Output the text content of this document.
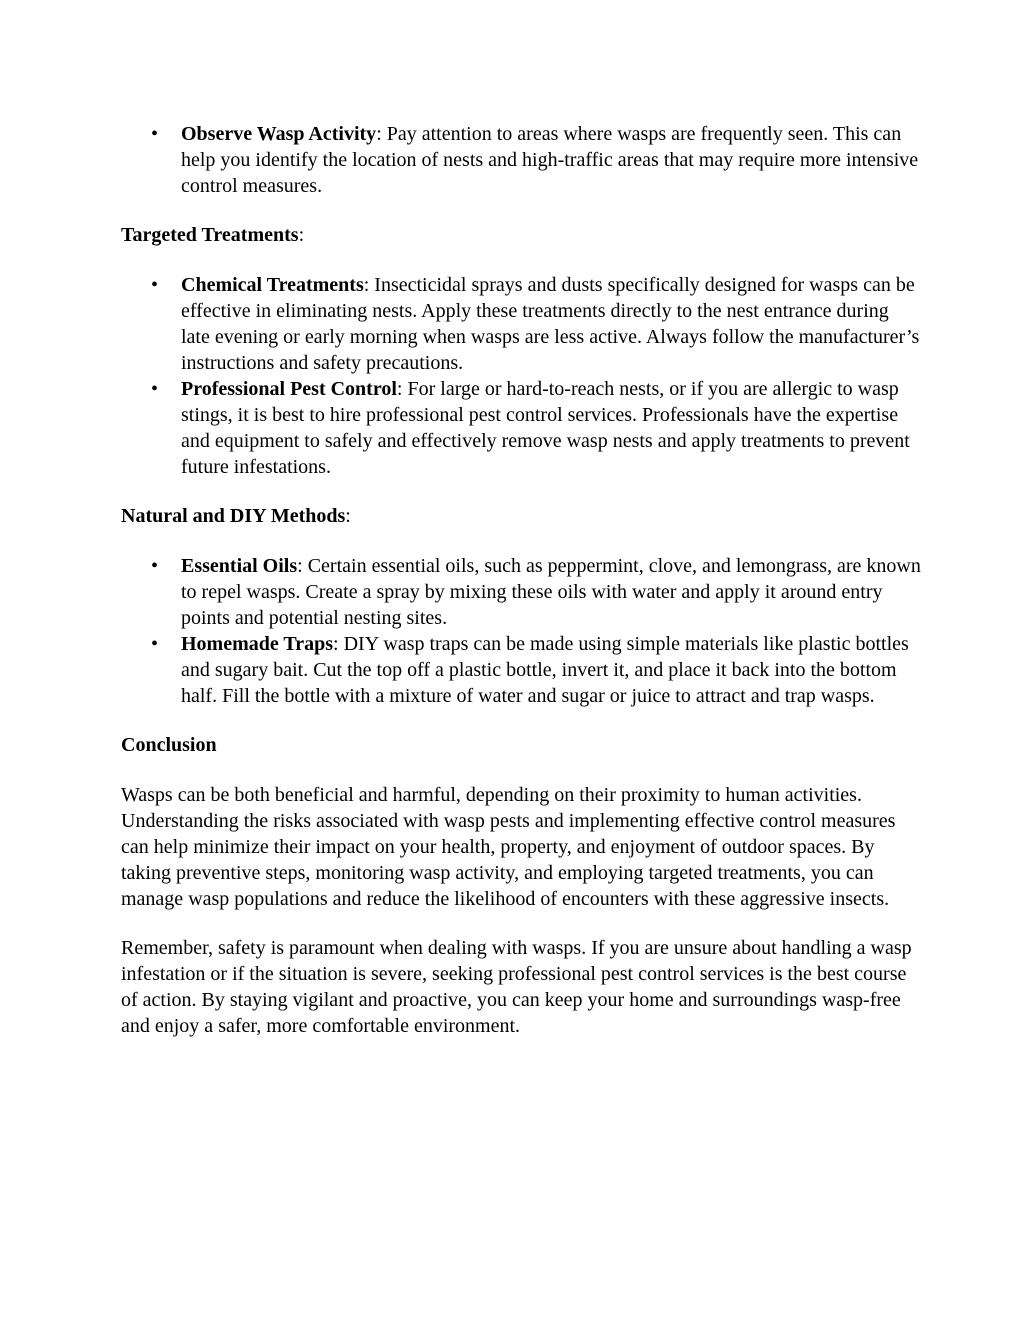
•	Observe Wasp Activity: Pay attention to areas where wasps are frequently seen. This can help you identify the location of nests and high-traffic areas that may require more intensive control measures.

Targeted Treatments:

•	Chemical Treatments: Insecticidal sprays and dusts specifically designed for wasps can be effective in eliminating nests. Apply these treatments directly to the nest entrance during late evening or early morning when wasps are less active. Always follow the manufacturer’s instructions and safety precautions.
•	Professional Pest Control: For large or hard-to-reach nests, or if you are allergic to wasp stings, it is best to hire professional pest control services. Professionals have the expertise and equipment to safely and effectively remove wasp nests and apply treatments to prevent future infestations.

Natural and DIY Methods:

•	Essential Oils: Certain essential oils, such as peppermint, clove, and lemongrass, are known to repel wasps. Create a spray by mixing these oils with water and apply it around entry points and potential nesting sites.
•	Homemade Traps: DIY wasp traps can be made using simple materials like plastic bottles and sugary bait. Cut the top off a plastic bottle, invert it, and place it back into the bottom half. Fill the bottle with a mixture of water and sugar or juice to attract and trap wasps.

Conclusion

Wasps can be both beneficial and harmful, depending on their proximity to human activities. Understanding the risks associated with wasp pests and implementing effective control measures can help minimize their impact on your health, property, and enjoyment of outdoor spaces. By taking preventive steps, monitoring wasp activity, and employing targeted treatments, you can manage wasp populations and reduce the likelihood of encounters with these aggressive insects.

Remember, safety is paramount when dealing with wasps. If you are unsure about handling a wasp infestation or if the situation is severe, seeking professional pest control services is the best course of action. By staying vigilant and proactive, you can keep your home and surroundings wasp-free and enjoy a safer, more comfortable environment.
